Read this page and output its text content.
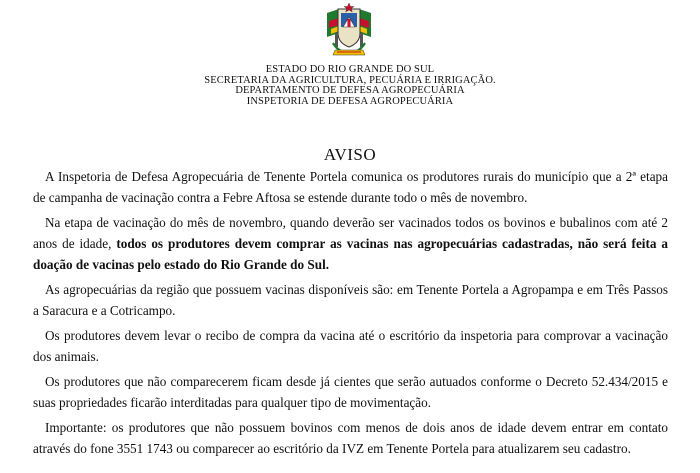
ESTADO DO RIO GRANDE DO SUL
SECRETARIA DA AGRICULTURA, PECUÁRIA E IRRIGAÇÃO.
DEPARTAMENTO DE DEFESA AGROPECUÁRIA
INSPETORIA DE DEFESA AGROPECUÁRIA
AVISO

A Inspetoria de Defesa Agropecuária de Tenente Portela comunica os produtores rurais do município que a 2ª etapa de campanha de vacinação contra a Febre Aftosa se estende durante todo o mês de novembro.

Na etapa de vacinação do mês de novembro, quando deverão ser vacinados todos os bovinos e bubalinos com até 2 anos de idade, todos os produtores devem comprar as vacinas nas agropecuárias cadastradas, não será feita a doação de vacinas pelo estado do Rio Grande do Sul.

As agropecuárias da região que possuem vacinas disponíveis são: em Tenente Portela a Agropampa e em Três Passos a Saracura e a Cotricampo.

Os produtores devem levar o recibo de compra da vacina até o escritório da inspetoria para comprovar a vacinação dos animais.

Os produtores que não comparecerem ficam desde já cientes que serão autuados conforme o Decreto 52.434/2015 e suas propriedades ficarão interditadas para qualquer tipo de movimentação.

Importante: os produtores que não possuem bovinos com menos de dois anos de idade devem entrar em contato através do fone 3551 1743 ou comparecer ao escritório da IVZ em Tenente Portela para atualizarem seu cadastro.
